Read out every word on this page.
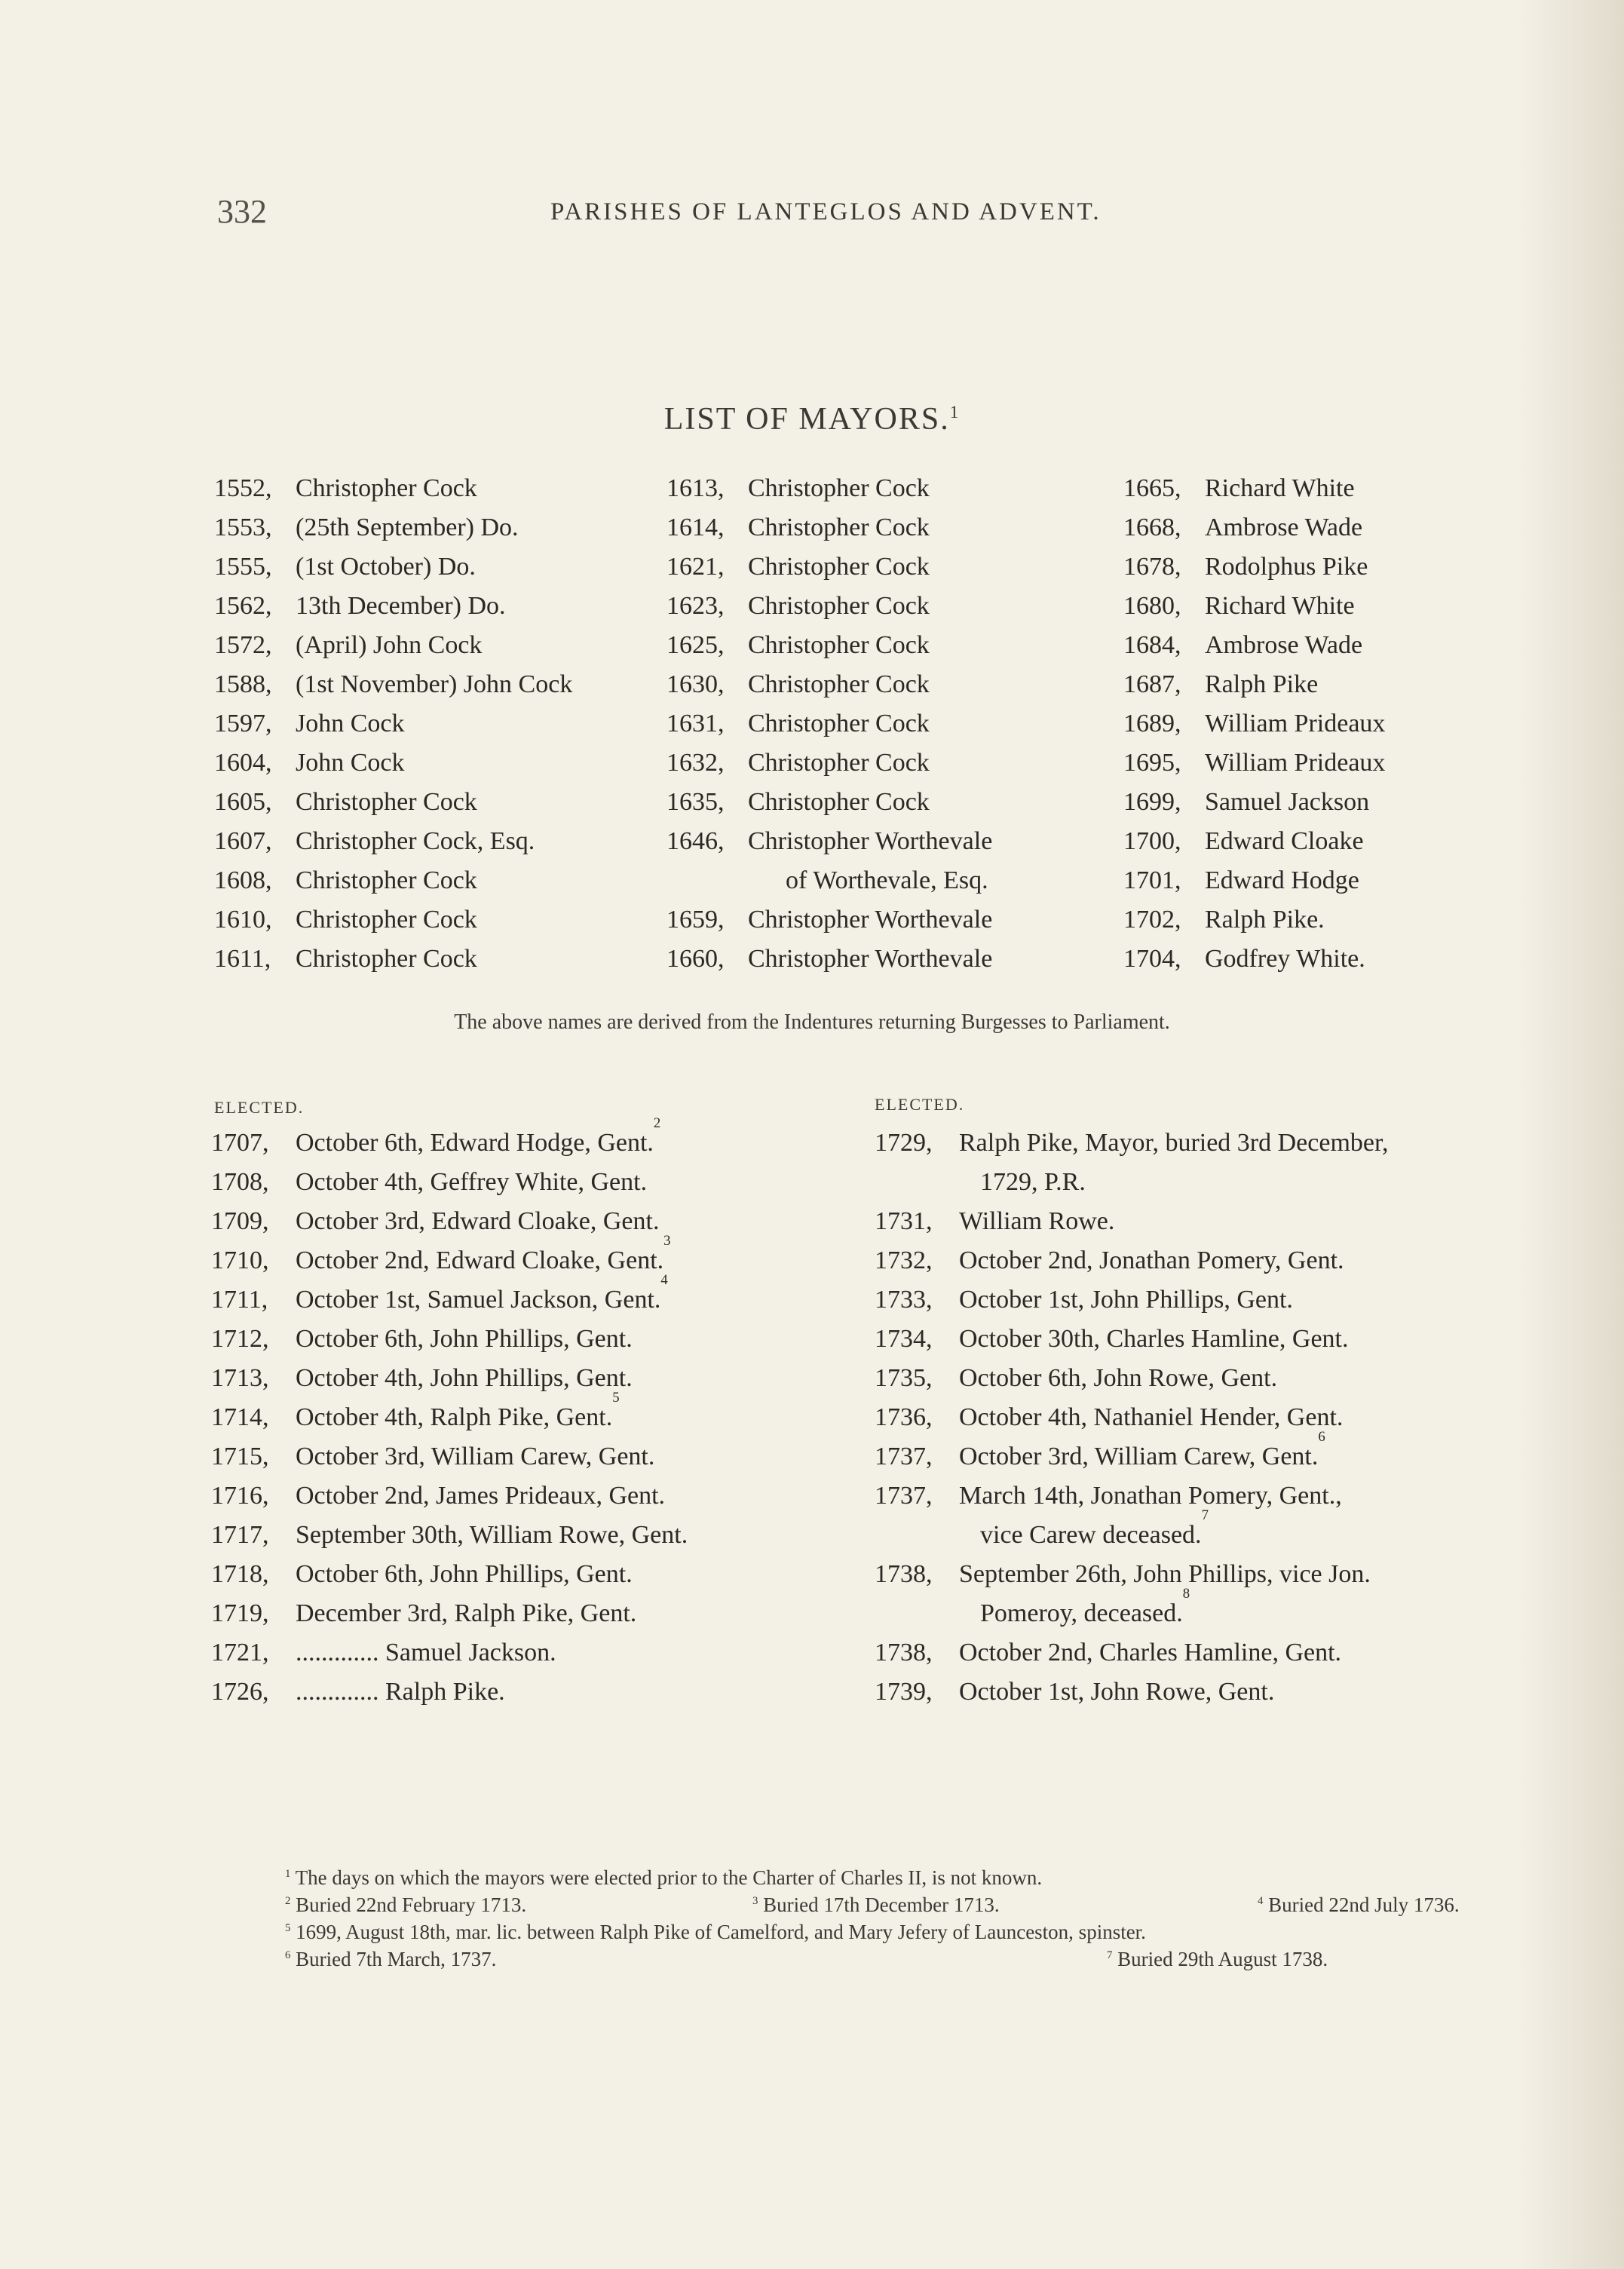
332	PARISHES OF LANTEGLOS AND ADVENT.
LIST OF MAYORS.$^1$
1552, Christopher Cock
1553, (25th September) Do.
1555, (1st October) Do.
1562, 13th December) Do.
1572, (April) John Cock
1588, (1st November) John Cock
1597, John Cock
1604, John Cock
1605, Christopher Cock
1607, Christopher Cock, Esq.
1608, Christopher Cock
1610, Christopher Cock
1611, Christopher Cock
1613, Christopher Cock
1614, Christopher Cock
1621, Christopher Cock
1623, Christopher Cock
1625, Christopher Cock
1630, Christopher Cock
1631, Christopher Cock
1632, Christopher Cock
1635, Christopher Cock
1646, Christopher Worthevale
of Worthevale, Esq.
1659, Christopher Worthevale
1660, Christopher Worthevale
1665, Richard White
1668, Ambrose Wade
1678, Rodolphus Pike
1680, Richard White
1684, Ambrose Wade
1687, Ralph Pike
1689, William Prideaux
1695, William Prideaux
1699, Samuel Jackson
1700, Edward Cloake
1701, Edward Hodge
1702, Ralph Pike.
1704, Godfrey White.
The above names are derived from the Indentures returning Burgesses to Parliament.
ELECTED.	ELECTED.
1707,	October 6th, Edward Hodge, Gent.
2
1708,	October 4th, Geffrey White, Gent.
1709,	October 3rd, Edward Cloake, Gent.
1710,	October 2nd, Edward Cloake, Gent.
3
1711,	October 1st, Samuel Jackson, Gent.
4
1712,	October 6th, John Phillips, Gent.
1713,	October 4th, John Phillips, Gent.
1714,	October 4th, Ralph Pike, Gent.
5
1715,	October 3rd, William Carew, Gent.
1716,	October 2nd, James Prideaux, Gent.
1717,	September 30th, William Rowe, Gent.
1718,	October 6th, John Phillips, Gent.
1719,	December 3rd, Ralph Pike, Gent.
1721,	............. Samuel Jackson.
1726,	............. Ralph Pike.
1729,	Ralph Pike, Mayor, buried 3rd December,
1729, P.R.
1731,	William Rowe.
1732,	October 2nd, Jonathan Pomery, Gent.
1733,	October 1st, John Phillips, Gent.
1734,	October 30th, Charles Hamline, Gent.
1735,	October 6th, John Rowe, Gent.
1736,	October 4th, Nathaniel Hender, Gent.
1737,	October 3rd, William Carew, Gent.
6
1737,	March 14th, Jonathan Pomery, Gent.,
vice Carew deceased.
7
1738,	September 26th, John Phillips, vice Jon.
Pomeroy, deceased.
8
1738,	October 2nd, Charles Hamline, Gent.
1739,	October 1st, John Rowe, Gent.
$^1$ The days on which the mayors were elected prior to the Charter of Charles II, is not known.
$^2$ Buried 22nd February 1713.	$^3$ Buried 17th December 1713.	$^4$ Buried 22nd July 1736.
$^5$ 1699, August 18th, mar. lic. between Ralph Pike of Camelford, and Mary Jefery of Launceston, spinster.
$^6$ Buried 7th March, 1737.	$^7$ Buried 29th August 1738.
